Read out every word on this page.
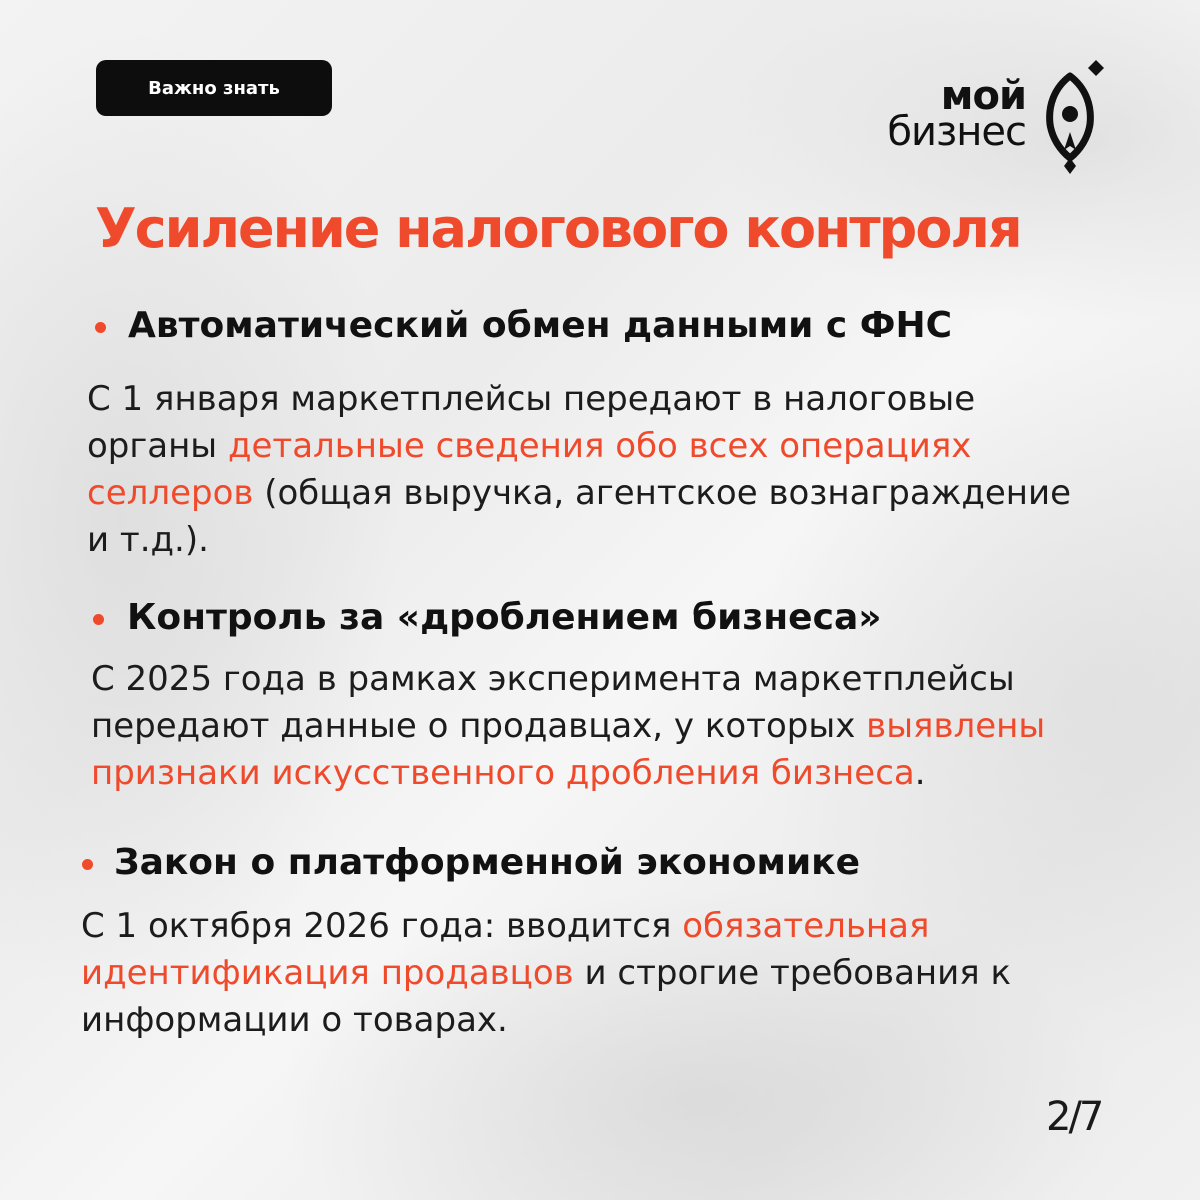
Важно знать	мой
бизнес
Усиление налогового контроля
Автоматический обмен данными с ФНС
С 1 января маркетплейсы передают в налоговые органы детальные сведения обо всех операциях селлеров (общая выручка, агентское вознаграждение и т.д.).
Контроль за «дроблением бизнеса»
С 2025 года в рамках эксперимента маркетплейсы передают данные о продавцах, у которых выявлены признаки искусственного дробления бизнеса.
Закон о платформенной экономике
С 1 октября 2026 года: вводится обязательная идентификация продавцов и строгие требования к информации о товарах.
2/7
